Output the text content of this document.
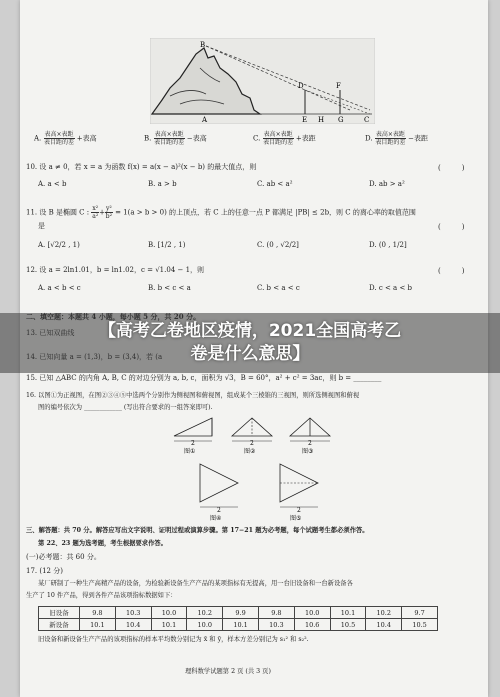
B
D	F
E H G	C
A
A. $\frac{\text{表高×表距}}{\text{表目距的差}}$ +表高	B. $\frac{\text{表高×表距}}{\text{表目距的差}}$ −表高	C. $\frac{\text{表高×表距}}{\text{表目距的差}}$ +表距	D. $\frac{\text{表高×表距}}{\text{表目距的差}}$ −表距
10. 设 a ≠ 0，若 x = a 为函数 f(x) = a(x − a)²(x − b) 的最大值点，则	(　　　)
A. a < b	B. a > b	C. ab < a²	D. ab > a²
11. 设 B 是椭圆 C : $\frac{\text{x²}}{\text{a²}} + \frac{\text{y²}}{\text{b²}} = 1(a > b > 0)$ 的上顶点，若 C 上的任意一点 P 都满足 |PB| ≤ 2b，则 C 的离心率的取值范围
是	(　　　)
A. [√2/2 , 1)	B. [1/2 , 1)	C. (0 , √2/2]	D. (0 , 1/2]
12. 设 a = 2ln1.01，b = ln1.02，c = √1.04 − 1，则	(　　　)
A. a < b < c	B. b < c < a	C. b < a < c	D. c < a < b
15. 已知 △ABC 的内角 A, B, C 的对边分别为 a, b, c，面积为 √3，B = 60°，a² + c² = 3ac，则 b = ________
16. 以图①为正视图，在图②③④⑤中选两个分别作为侧视图和俯视图，组成某个三棱锥的三视图，则所选侧视图和俯视
图的编号依次为 ____________ (写出符合要求的一组答案即可).
2
图①
2
图②
2
图③
2
图④
2
图⑤
三、解答题：共 70 分。解答应写出文字说明、证明过程或演算步骤。第 17−21 题为必考题，每个试题考生都必须作答。
第 22、23 题为选考题，考生根据要求作答。
(一)必考题：共 60 分。
17. (12 分)
某厂研制了一种生产高精产品的设备，为检验新设备生产产品的某项指标有无提高，用一台旧设备和一台新设备各
生产了 10 件产品，得到各件产品该项指标数据如下：
旧设备	9.8	10.3	10.0	10.2	9.9	9.8	10.0	10.1	10.2	9.7
新设备	10.1	10.4	10.1	10.0	10.1	10.3	10.6	10.5	10.4	10.5
旧设备和新设备生产产品的该项指标的样本平均数分别记为 x̄ 和 ȳ，样本方差分别记为 s₁² 和 s₂².
理科数学试题第 2 页 (共 3 页)
【高考乙卷地区疫情，2021全国高考乙
卷是什么意思】
